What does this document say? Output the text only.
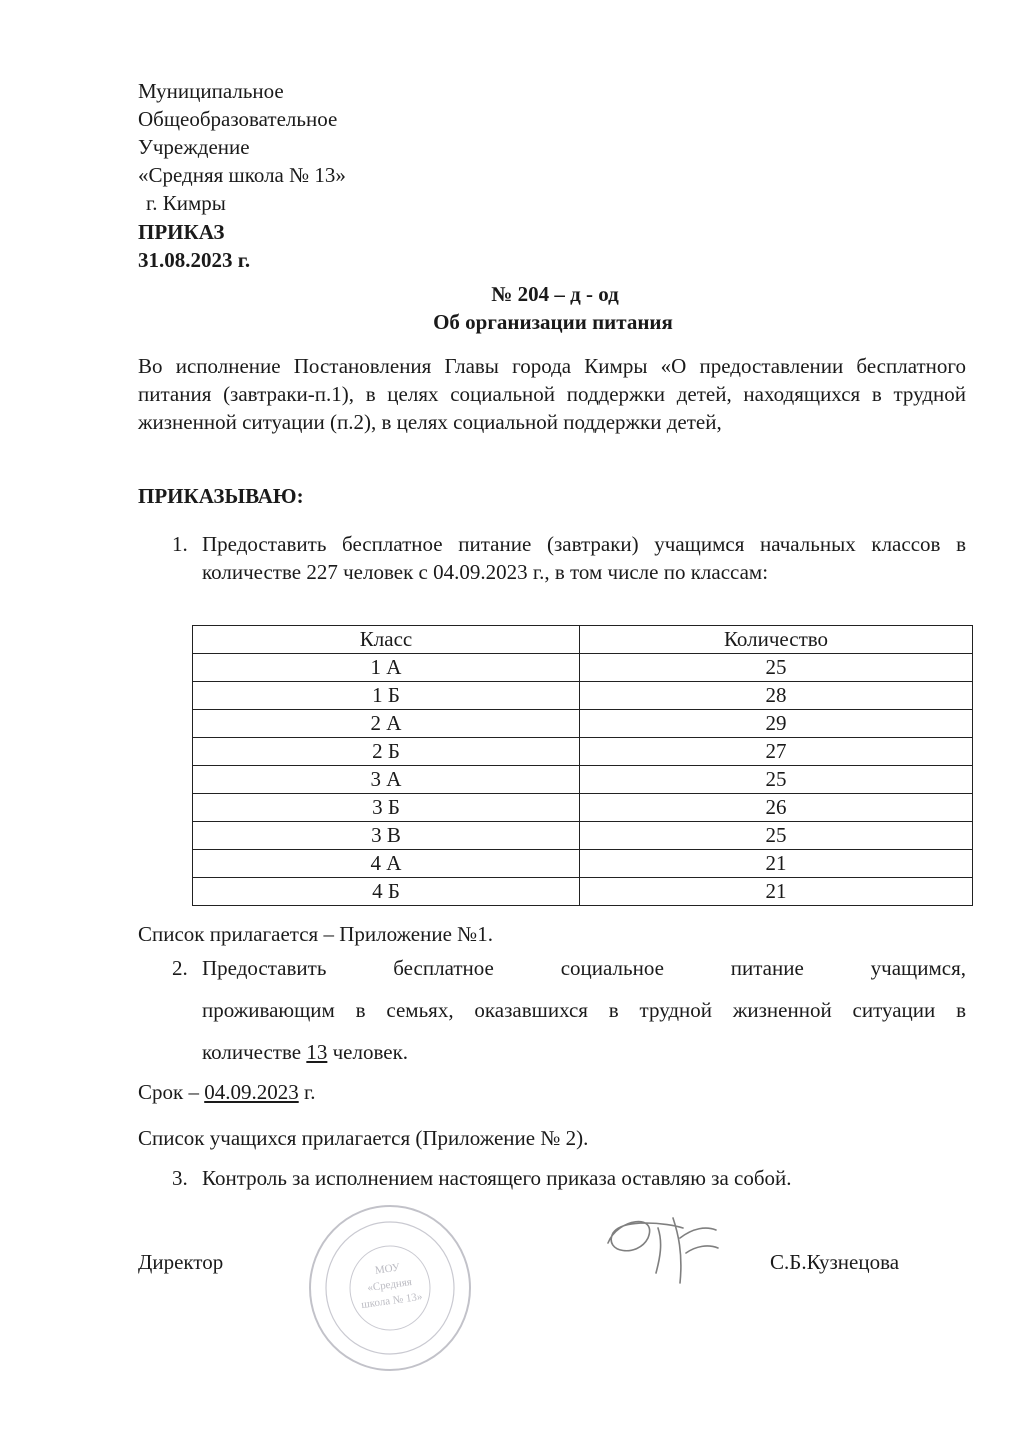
Муниципальное
Общеобразовательное
Учреждение
«Средняя школа № 13»
г. Кимры
ПРИКАЗ
31.08.2023 г.
№ 204 – д - од
Об организации питания
Во исполнение Постановления Главы города Кимры «О предоставлении бесплатного питания (завтраки-п.1), в целях социальной поддержки детей, находящихся в трудной жизненной ситуации (п.2), в целях социальной поддержки детей,
ПРИКАЗЫВАЮ:
1. Предоставить бесплатное питание (завтраки) учащимся начальных классов в количестве 227 человек с 04.09.2023 г., в том числе по классам:
Класс	Количество
1 А	25
1 Б	28
2 А	29
2 Б	27
3 А	25
3 Б	26
3 В	25
4 А	21
4 Б	21
Список прилагается – Приложение №1.
2. Предоставить бесплатное социальное питание учащимся,
проживающим в семьях, оказавшихся в трудной жизненной ситуации в
количестве 13 человек.
Срок – 04.09.2023 г.
Список учащихся прилагается (Приложение № 2).
3. Контроль за исполнением настоящего приказа оставляю за собой.
МОУ
«Средняя
школа № 13»
Директор	С.Б.Кузнецова
